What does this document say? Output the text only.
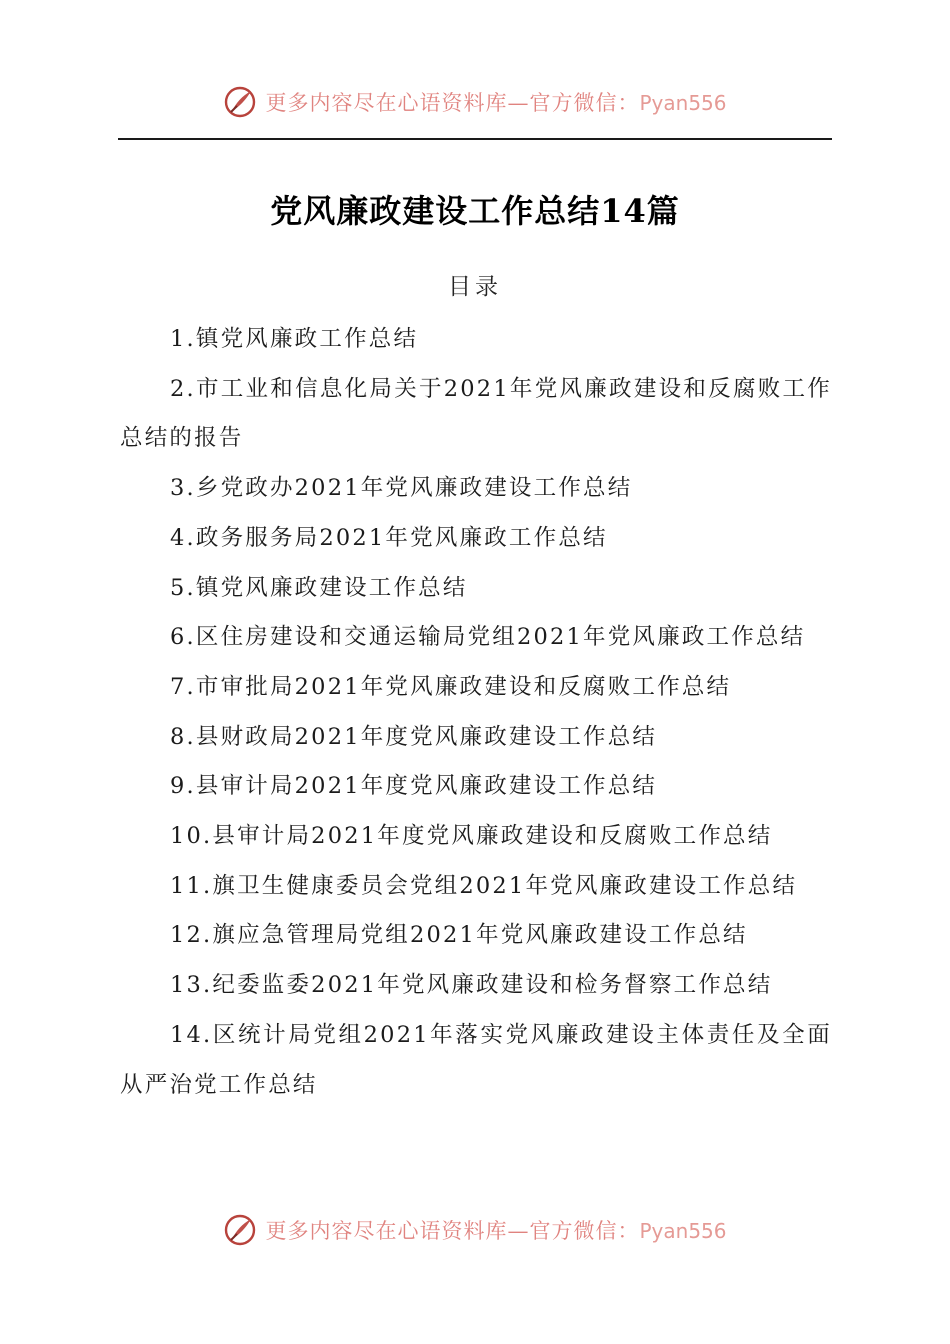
更多内容尽在心语资料库—官方微信：Pyan556
党风廉政建设工作总结14篇
目录
1.镇党风廉政工作总结
2.市工业和信息化局关于2021年党风廉政建设和反腐败工作总结的报告
3.乡党政办2021年党风廉政建设工作总结
4.政务服务局2021年党风廉政工作总结
5.镇党风廉政建设工作总结
6.区住房建设和交通运输局党组2021年党风廉政工作总结
7.市审批局2021年党风廉政建设和反腐败工作总结
8.县财政局2021年度党风廉政建设工作总结
9.县审计局2021年度党风廉政建设工作总结
10.县审计局2021年度党风廉政建设和反腐败工作总结
11.旗卫生健康委员会党组2021年党风廉政建设工作总结
12.旗应急管理局党组2021年党风廉政建设工作总结
13.纪委监委2021年党风廉政建设和检务督察工作总结
14.区统计局党组2021年落实党风廉政建设主体责任及全面从严治党工作总结
更多内容尽在心语资料库—官方微信：Pyan556
